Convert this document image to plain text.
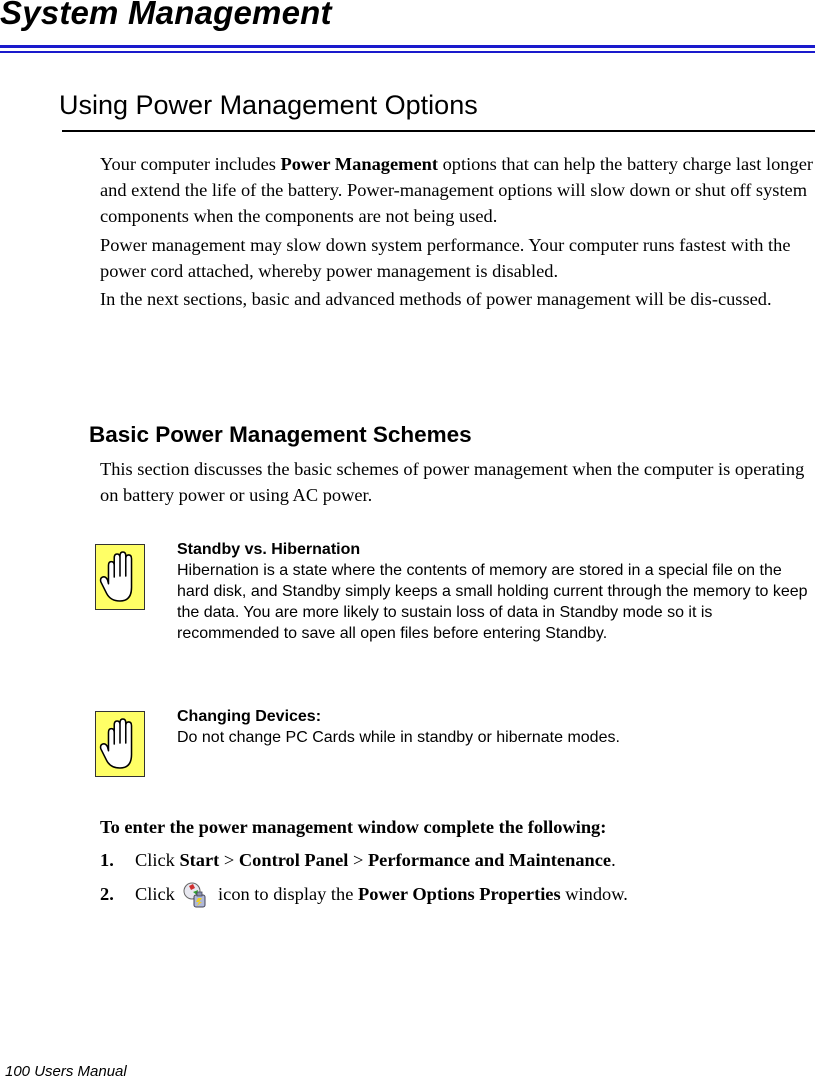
System Management
Using Power Management Options

Your computer includes Power Management options that can help the battery charge last longer and extend the life of the battery. Power-management options will slow down or shut off system components when the components are not being used.

Power management may slow down system performance. Your computer runs fastest with the power cord attached, whereby power management is disabled.

In the next sections, basic and advanced methods of power management will be dis-cussed.

Basic Power Management Schemes

This section discusses the basic schemes of power management when the computer is operating on battery power or using AC power.

Standby vs. Hibernation
Hibernation is a state where the contents of memory are stored in a special file on the hard disk, and Standby simply keeps a small holding current through the memory to keep the data. You are more likely to sustain loss of data in Standby mode so it is recommended to save all open files before entering Standby.
Changing Devices:
Do not change PC Cards while in standby or hibernate modes.

To enter the power management window complete the following:

1. Click Start > Control Panel > Performance and Maintenance.
2. Click
icon to display the Power Options Properties window.
100 Users Manual
